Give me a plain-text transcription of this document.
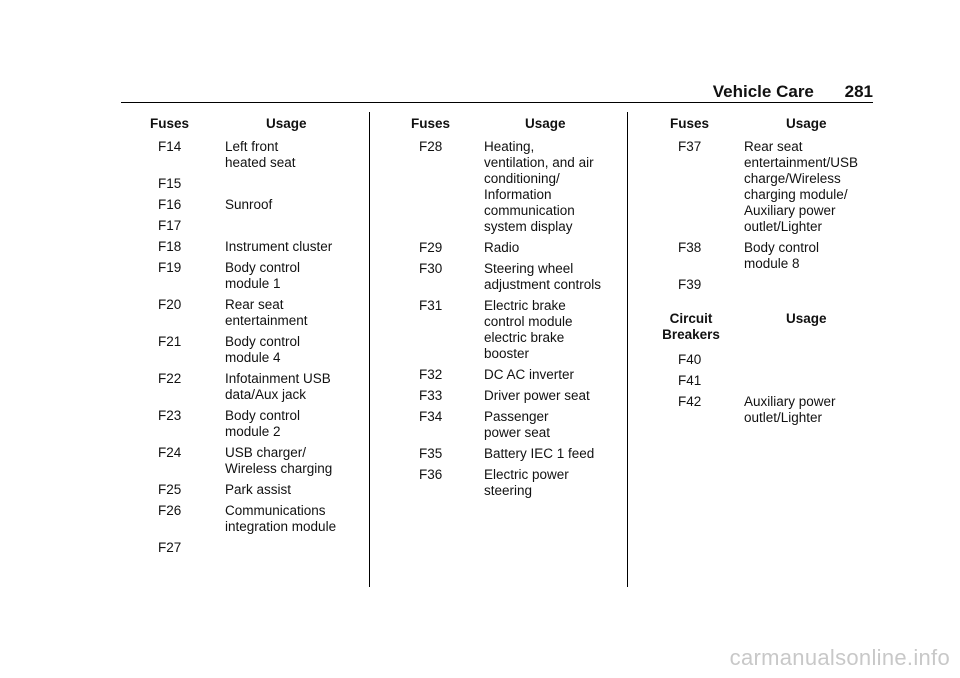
Vehicle Care 281
Fuses	Usage
F14	Left front
heated seat
F15
F16	Sunroof
F17
F18	Instrument cluster
F19	Body control
module 1
F20	Rear seat
entertainment
F21	Body control
module 4
F22	Infotainment USB
data/Aux jack
F23	Body control
module 2
F24	USB charger/
Wireless charging
F25	Park assist
F26	Communications
integration module
F27
Fuses	Usage
F28	Heating,
ventilation, and air
conditioning/
Information
communication
system display
F29	Radio
F30	Steering wheel
adjustment controls
F31	Electric brake
control module
electric brake
booster
F32	DC AC inverter
F33	Driver power seat
F34	Passenger
power seat
F35	Battery IEC 1 feed
F36	Electric power
steering
Fuses	Usage
F37	Rear seat
entertainment/USB
charge/Wireless
charging module/
Auxiliary power
outlet/Lighter
F38	Body control
module 8
F39
Circuit
Breakers
Usage
F40
F41
F42	Auxiliary power
outlet/Lighter
carmanualsonline.info
